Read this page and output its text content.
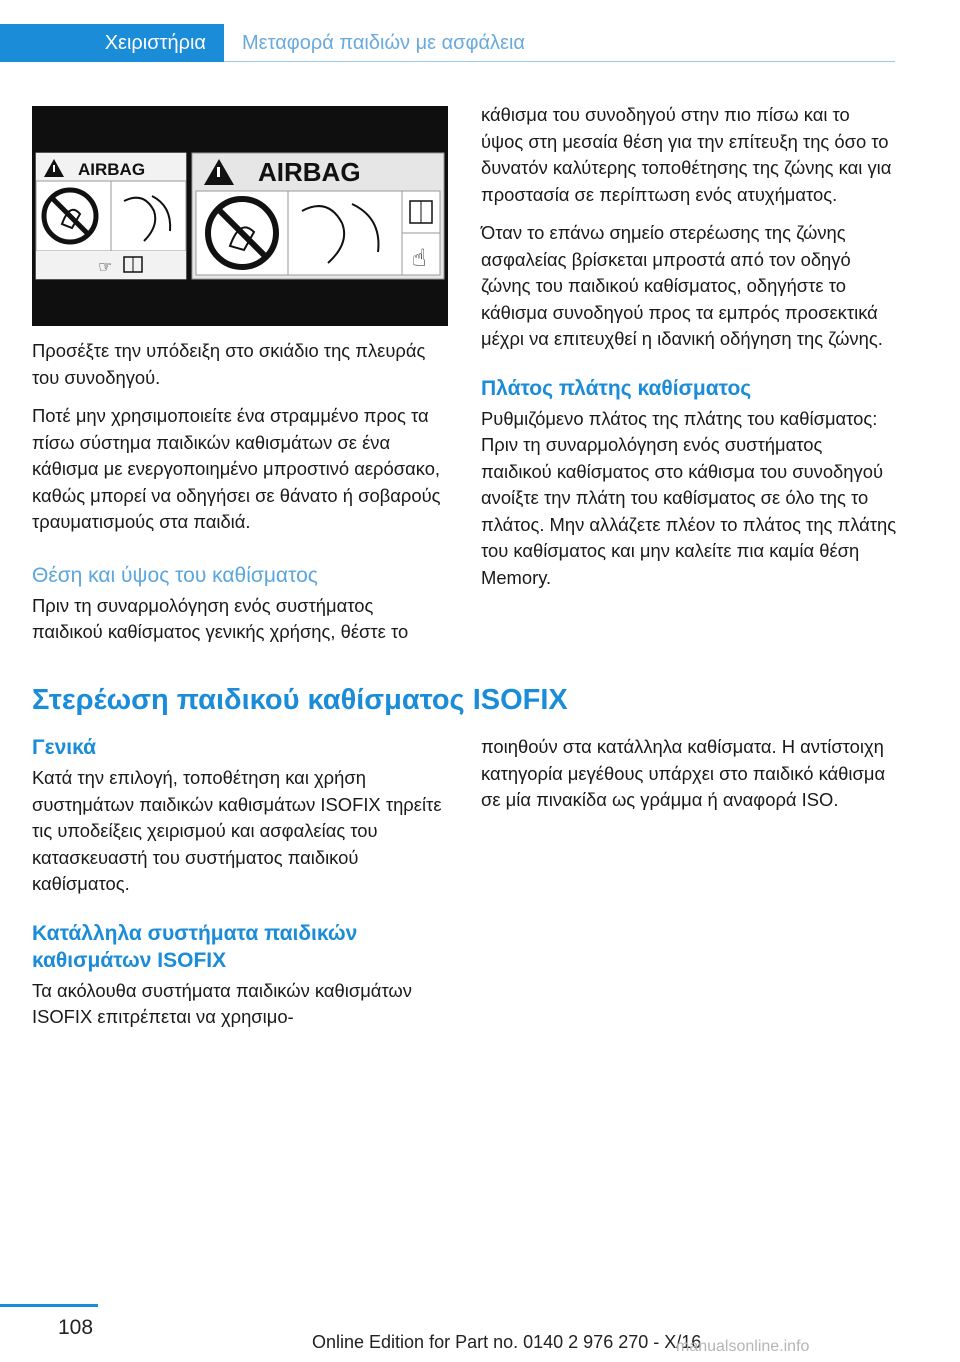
Χειριστήρια	Μεταφορά παιδιών με ασφάλεια
AIRBAG
☞
AIRBAG
☝

Προσέξτε την υπόδειξη στο σκιάδιο της πλευράς του συνοδηγού.

Ποτέ μην χρησιμοποιείτε ένα στραμμένο προς τα πίσω σύστημα παιδικών καθισμάτων σε ένα κάθισμα με ενεργοποιημένο μπροστινό αερόσακο, καθώς μπορεί να οδηγήσει σε θάνατο ή σοβαρούς τραυματισμούς στα παιδιά.

Θέση και ύψος του καθίσματος

Πριν τη συναρμολόγηση ενός συστήματος παιδικού καθίσματος γενικής χρήσης, θέστε το

κάθισμα του συνοδηγού στην πιο πίσω και το ύψος στη μεσαία θέση για την επίτευξη της όσο το δυνατόν καλύτερης τοποθέτησης της ζώνης και για προστασία σε περίπτωση ενός ατυχήματος.

Όταν το επάνω σημείο στερέωσης της ζώνης ασφαλείας βρίσκεται μπροστά από τον οδηγό ζώνης του παιδικού καθίσματος, οδηγήστε το κάθισμα συνοδηγού προς τα εμπρός προσεκτικά μέχρι να επιτευχθεί η ιδανική οδήγηση της ζώνης.

Πλάτος πλάτης καθίσματος

Ρυθμιζόμενο πλάτος της πλάτης του καθίσματος: Πριν τη συναρμολόγηση ενός συστήματος παιδικού καθίσματος στο κάθισμα του συνοδηγού ανοίξτε την πλάτη του καθίσματος σε όλο της το πλάτος. Μην αλλάζετε πλέον το πλάτος της πλάτης του καθίσματος και μην καλείτε πια καμία θέση Memory.

Στερέωση παιδικού καθίσματος ISOFIX
Γενικά

Κατά την επιλογή, τοποθέτηση και χρήση συστημάτων παιδικών καθισμάτων ISOFIX τηρείτε τις υποδείξεις χειρισμού και ασφαλείας του κατασκευαστή του συστήματος παιδικού καθίσματος.

Κατάλληλα συστήματα παιδικών καθισμάτων ISOFIX

Τα ακόλουθα συστήματα παιδικών καθισμάτων ISOFIX επιτρέπεται να χρησιμο-

ποιηθούν στα κατάλληλα καθίσματα. Η αντίστοιχη κατηγορία μεγέθους υπάρχει στο παιδικό κάθισμα σε μία πινακίδα ως γράμμα ή αναφορά ISO.

108
Online Edition for Part no. 0140 2 976 270 - X/16
manualsonline.info
